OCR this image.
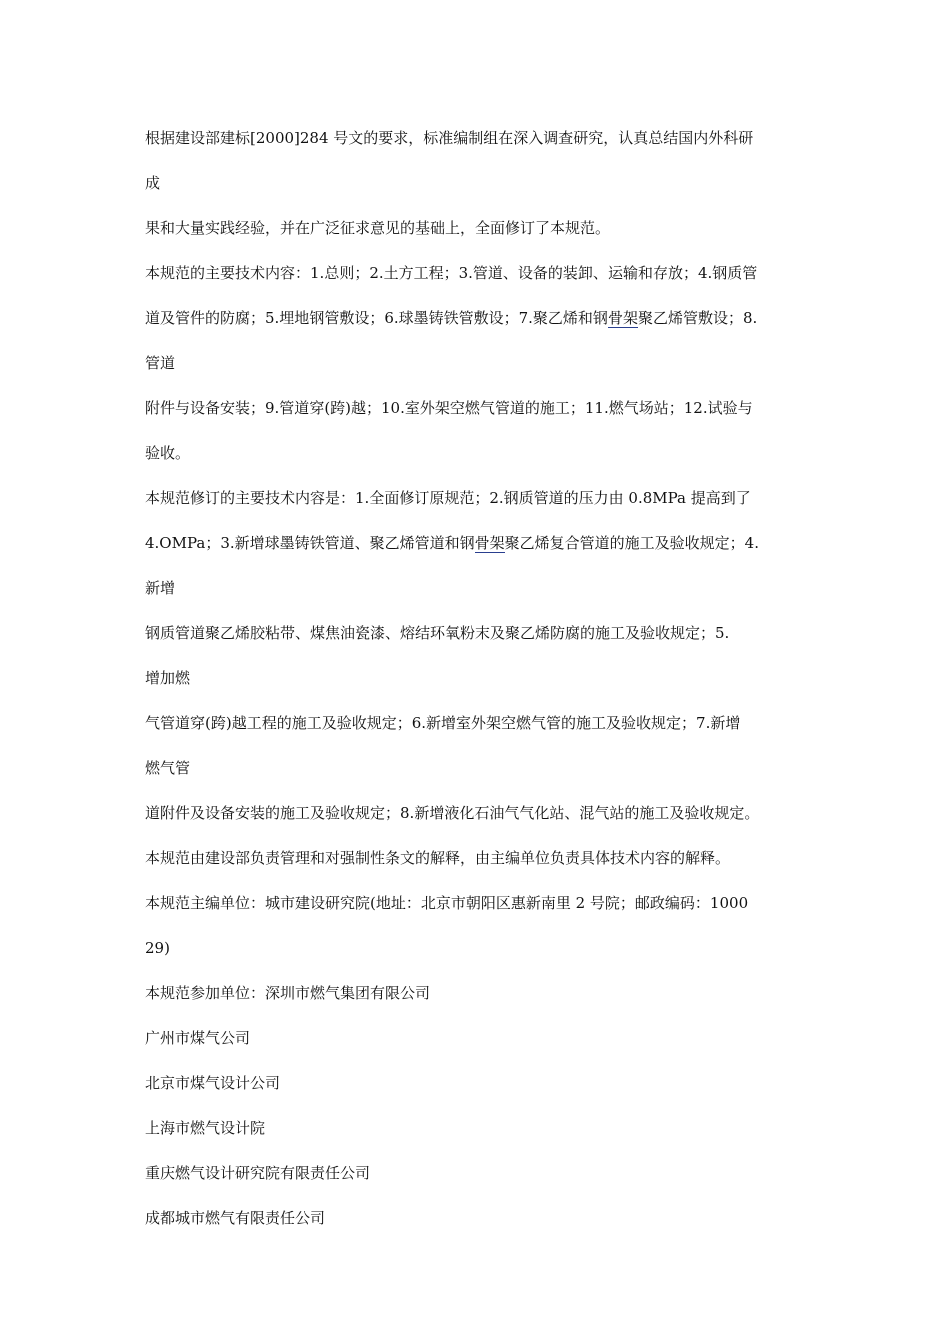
根据建设部建标[2000]284 号文的要求，标准编制组在深入调查研究，认真总结国内外科研

成

果和大量实践经验，并在广泛征求意见的基础上，全面修订了本规范。

本规范的主要技术内容：1.总则；2.土方工程；3.管道、设备的装卸、运输和存放；4.钢质管

道及管件的防腐；5.埋地钢管敷设；6.球墨铸铁管敷设；7.聚乙烯和钢骨架聚乙烯管敷设；8.

管道

附件与设备安装；9.管道穿(跨)越；10.室外架空燃气管道的施工；11.燃气场站；12.试验与

验收。

本规范修订的主要技术内容是：1.全面修订原规范；2.钢质管道的压力由 0.8MPa 提高到了

4.OMPa；3.新增球墨铸铁管道、聚乙烯管道和钢骨架聚乙烯复合管道的施工及验收规定；4.

新增

钢质管道聚乙烯胶粘带、煤焦油瓷漆、熔结环氧粉末及聚乙烯防腐的施工及验收规定；5.

增加燃

气管道穿(跨)越工程的施工及验收规定；6.新增室外架空燃气管的施工及验收规定；7.新增

燃气管

道附件及设备安装的施工及验收规定；8.新增液化石油气气化站、混气站的施工及验收规定。

本规范由建设部负责管理和对强制性条文的解释，由主编单位负责具体技术内容的解释。

本规范主编单位：城市建设研究院(地址：北京市朝阳区惠新南里 2 号院；邮政编码：1000

29)

本规范参加单位：深圳市燃气集团有限公司

广州市煤气公司

北京市煤气设计公司

上海市燃气设计院

重庆燃气设计研究院有限责任公司

成都城市燃气有限责任公司
